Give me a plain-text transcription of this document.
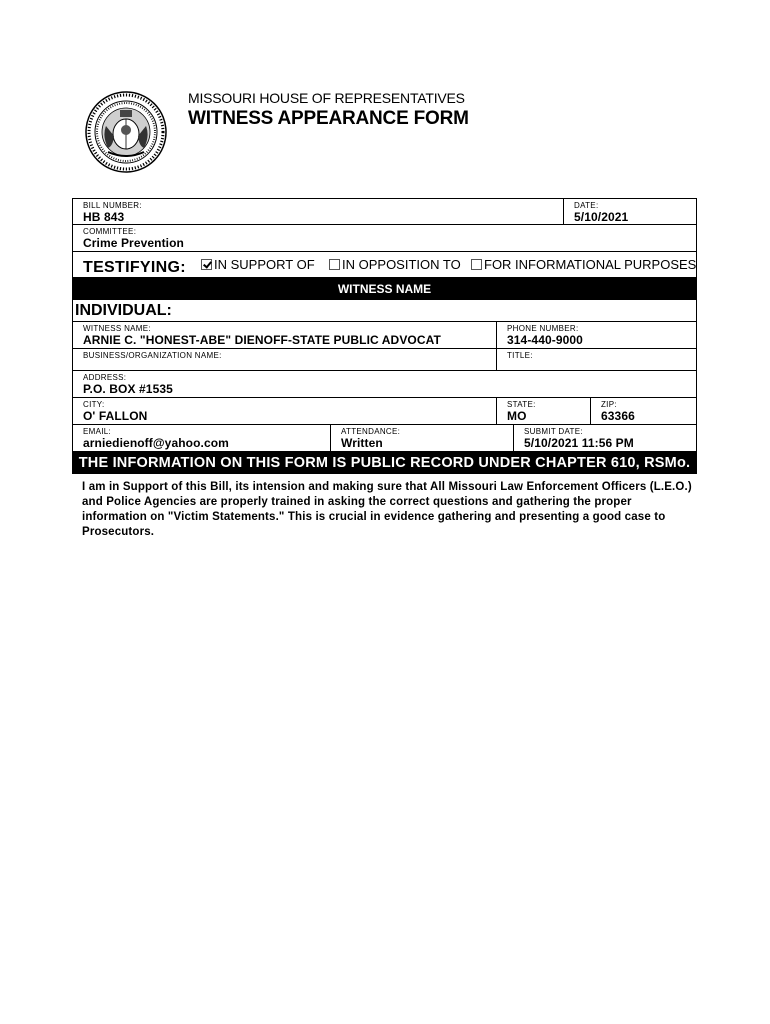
MISSOURI HOUSE OF REPRESENTATIVES
WITNESS APPEARANCE FORM
BILL NUMBER:
HB 843
DATE:
5/10/2021
COMMITTEE:
Crime Prevention
TESTIFYING: IN SUPPORT OF IN OPPOSITION TO FOR INFORMATIONAL PURPOSES
WITNESS NAME
INDIVIDUAL:
WITNESS NAME:
ARNIE C. "HONEST-ABE" DIENOFF-STATE PUBLIC ADVOCAT
PHONE NUMBER:
314-440-9000
BUSINESS/ORGANIZATION NAME:	TITLE:
ADDRESS:
P.O. BOX #1535
CITY:
O' FALLON
STATE:
MO
ZIP:
63366
EMAIL:
arniedienoff@yahoo.com
ATTENDANCE:
Written
SUBMIT DATE:
5/10/2021 11:56 PM
THE INFORMATION ON THIS FORM IS PUBLIC RECORD UNDER CHAPTER 610, RSMo.
I am in Support of this Bill, its intension and making sure that All Missouri Law Enforcement Officers (L.E.O.) and Police Agencies are properly trained in asking the correct questions and gathering the proper information on "Victim Statements." This is crucial in evidence gathering and presenting a good case to Prosecutors.
